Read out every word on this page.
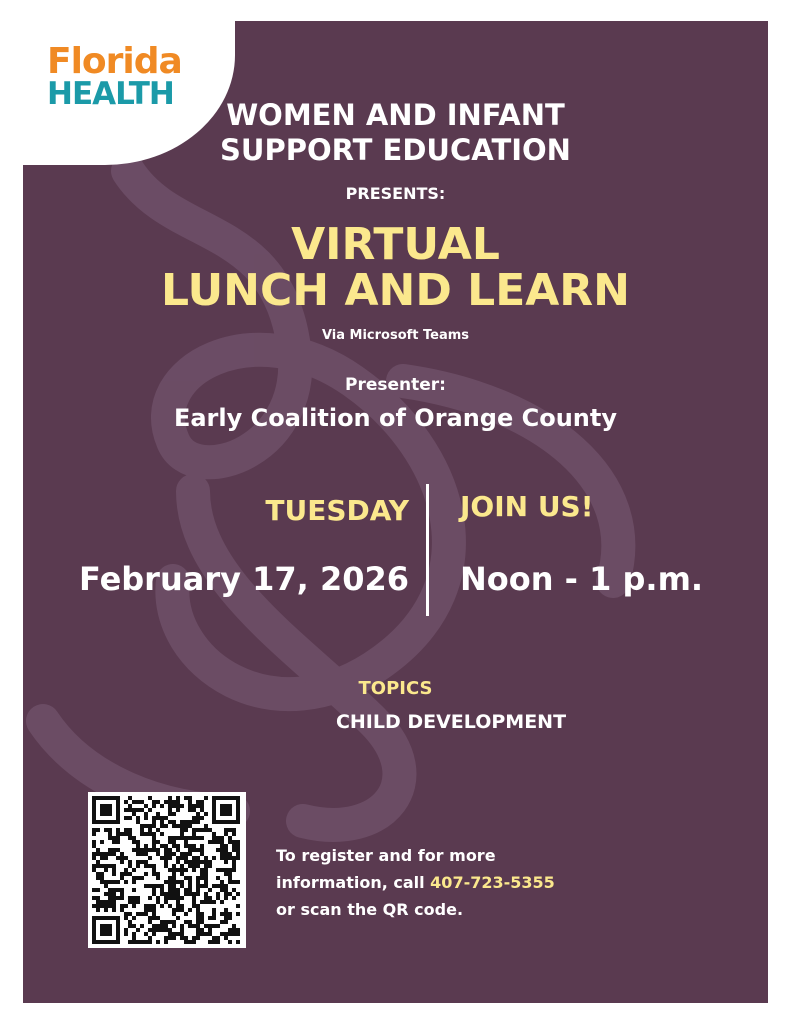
Florida
HEALTH
WOMEN AND INFANT
SUPPORT EDUCATION
PRESENTS:
VIRTUAL
LUNCH AND LEARN
Via Microsoft Teams
Presenter:
Early Coalition of Orange County
TUESDAY
February 17, 2026
JOIN US!
Noon - 1 p.m.
TOPICS
CHILD DEVELOPMENT
To register and for more
information, call 407-723-5355
or scan the QR code.
